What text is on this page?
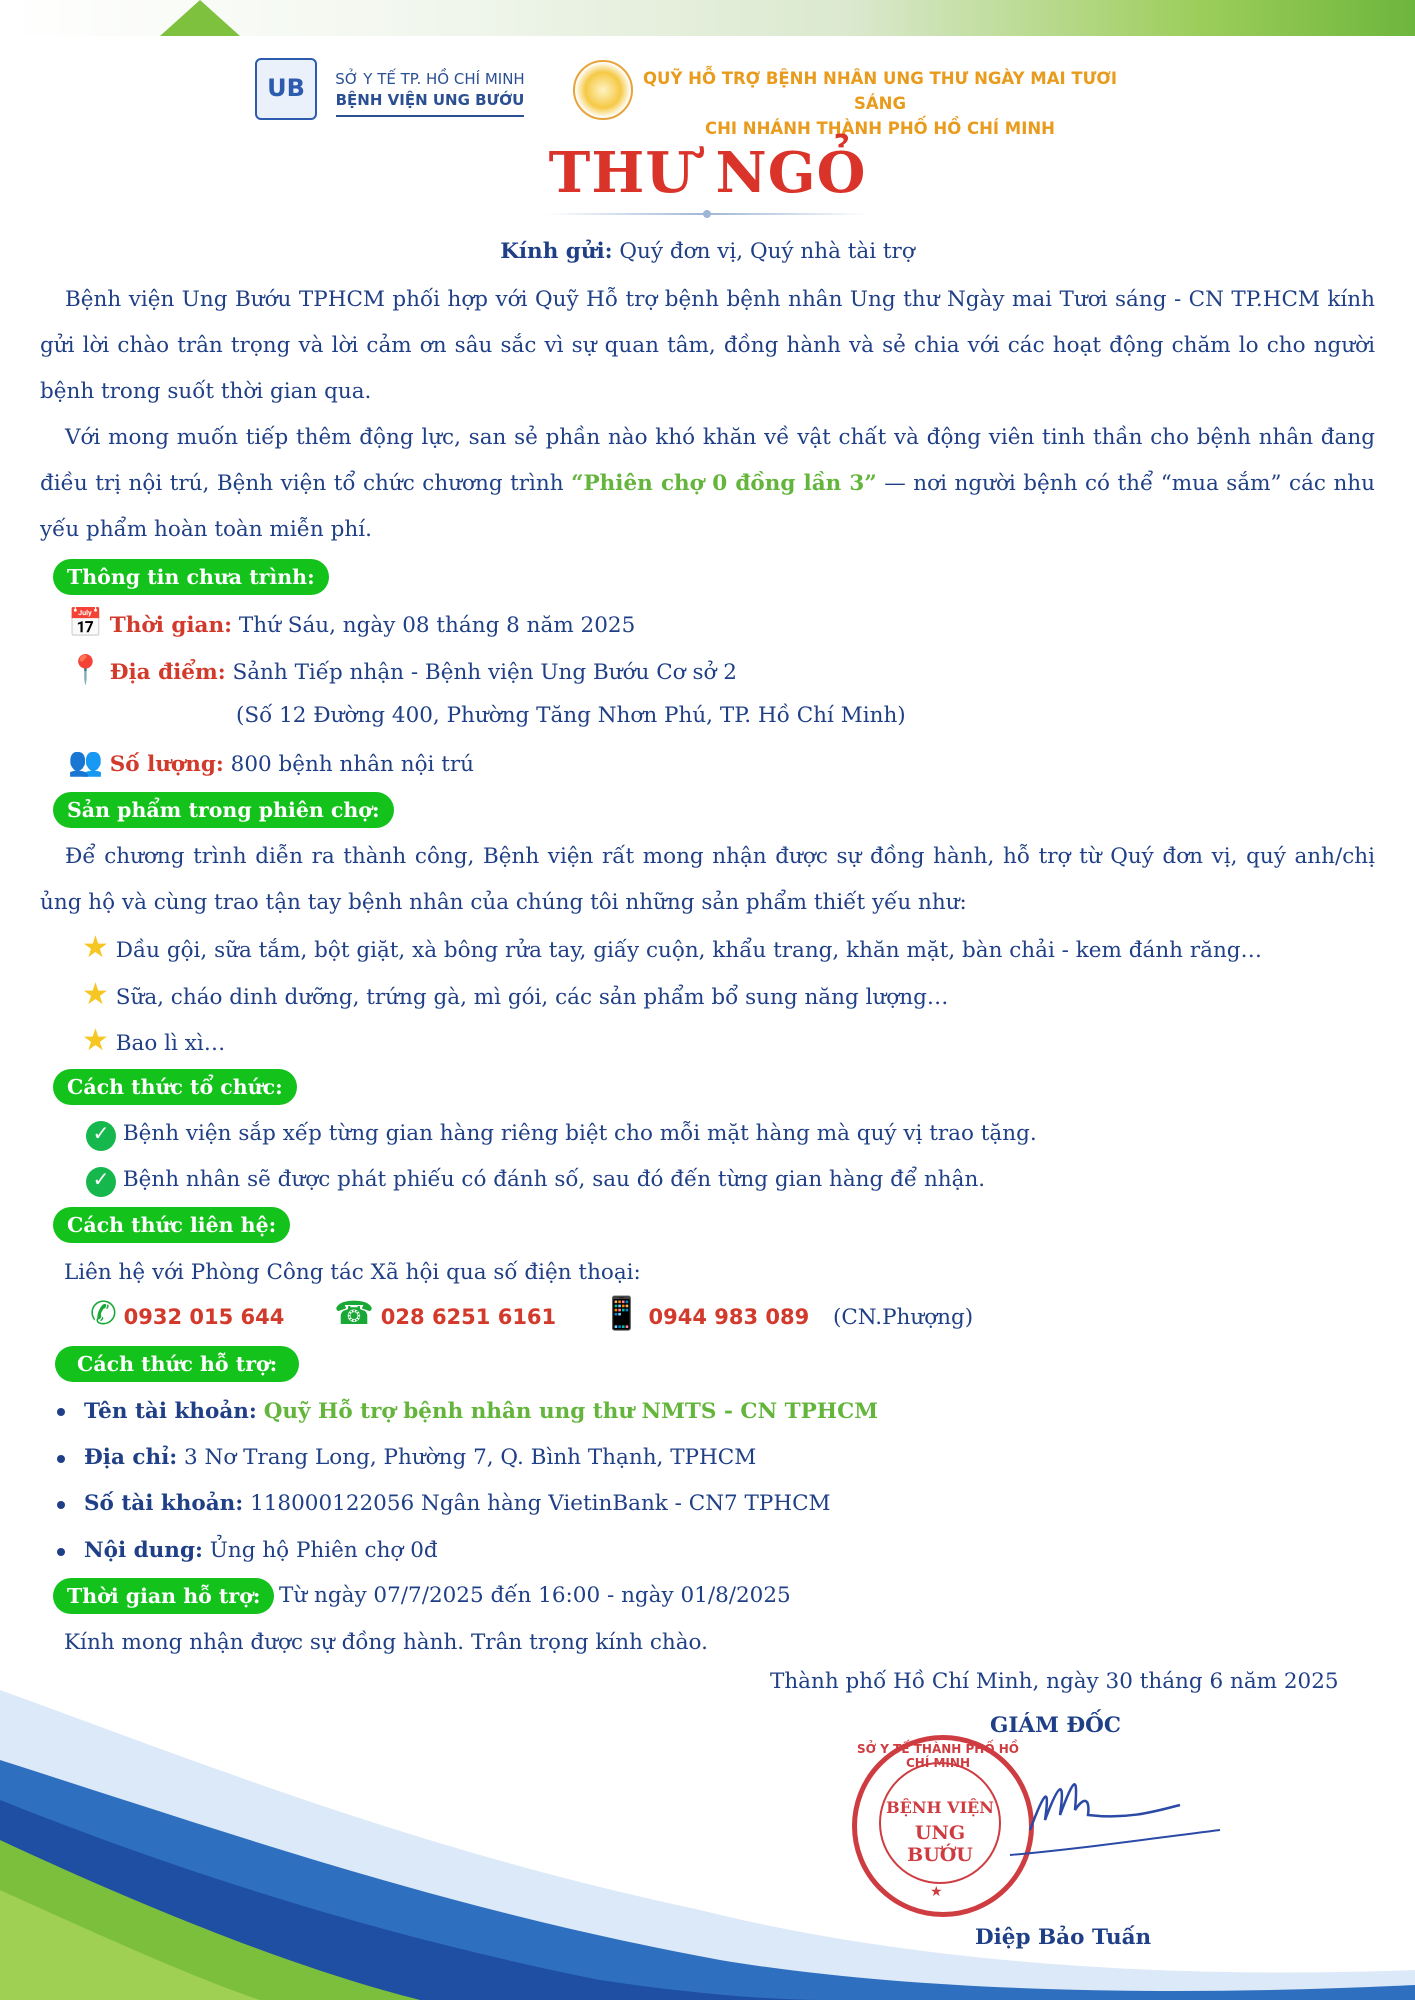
UB	SỞ Y TẾ TP. HỒ CHÍ MINH
BỆNH VIỆN UNG BƯỚU
QUỸ HỖ TRỢ BỆNH NHÂN UNG THƯ NGÀY MAI TƯƠI SÁNG
CHI NHÁNH THÀNH PHỐ HỒ CHÍ MINH
THƯ NGỎ
Kính gửi: Quý đơn vị, Quý nhà tài trợ
Bệnh viện Ung Bướu TPHCM phối hợp với Quỹ Hỗ trợ bệnh bệnh nhân Ung thư Ngày mai Tươi sáng - CN TP.HCM kính gửi lời chào trân trọng và lời cảm ơn sâu sắc vì sự quan tâm, đồng hành và sẻ chia với các hoạt động chăm lo cho người bệnh trong suốt thời gian qua.
Với mong muốn tiếp thêm động lực, san sẻ phần nào khó khăn về vật chất và động viên tinh thần cho bệnh nhân đang điều trị nội trú, Bệnh viện tổ chức chương trình “Phiên chợ 0 đồng lần 3” — nơi người bệnh có thể “mua sắm” các nhu yếu phẩm hoàn toàn miễn phí.
Thông tin chưa trình:
📅 Thời gian: Thứ Sáu, ngày 08 tháng 8 năm 2025
📍 Địa điểm: Sảnh Tiếp nhận - Bệnh viện Ung Bướu Cơ sở 2
(Số 12 Đường 400, Phường Tăng Nhơn Phú, TP. Hồ Chí Minh)
👥 Số lượng: 800 bệnh nhân nội trú
Sản phẩm trong phiên chợ:
Để chương trình diễn ra thành công, Bệnh viện rất mong nhận được sự đồng hành, hỗ trợ từ Quý đơn vị, quý anh/chị ủng hộ và cùng trao tận tay bệnh nhân của chúng tôi những sản phẩm thiết yếu như:
★ Dầu gội, sữa tắm, bột giặt, xà bông rửa tay, giấy cuộn, khẩu trang, khăn mặt, bàn chải - kem đánh răng…
★ Sữa, cháo dinh dưỡng, trứng gà, mì gói, các sản phẩm bổ sung năng lượng…
★ Bao lì xì…
Cách thức tổ chức:
✓ Bệnh viện sắp xếp từng gian hàng riêng biệt cho mỗi mặt hàng mà quý vị trao tặng.
✓ Bệnh nhân sẽ được phát phiếu có đánh số, sau đó đến từng gian hàng để nhận.
Cách thức liên hệ:
Liên hệ với Phòng Công tác Xã hội qua số điện thoại:
✆ 0932 015 644 ☎ 028 6251 6161 📱 0944 983 089 (CN.Phượng)
Cách thức hỗ trợ:
Tên tài khoản: Quỹ Hỗ trợ bệnh nhân ung thư NMTS - CN TPHCM
Địa chỉ: 3 Nơ Trang Long, Phường 7, Q. Bình Thạnh, TPHCM
Số tài khoản: 118000122056 Ngân hàng VietinBank - CN7 TPHCM
Nội dung: Ủng hộ Phiên chợ 0đ
Thời gian hỗ trợ: Từ ngày 07/7/2025 đến 16:00 - ngày 01/8/2025
Kính mong nhận được sự đồng hành. Trân trọng kính chào.
Thành phố Hồ Chí Minh, ngày 30 tháng 6 năm 2025
GIÁM ĐỐC
SỞ Y TẾ THÀNH PHỐ HỒ CHÍ MINH
BỆNH VIỆN
UNG BƯỚU
★
Diệp Bảo Tuấn
